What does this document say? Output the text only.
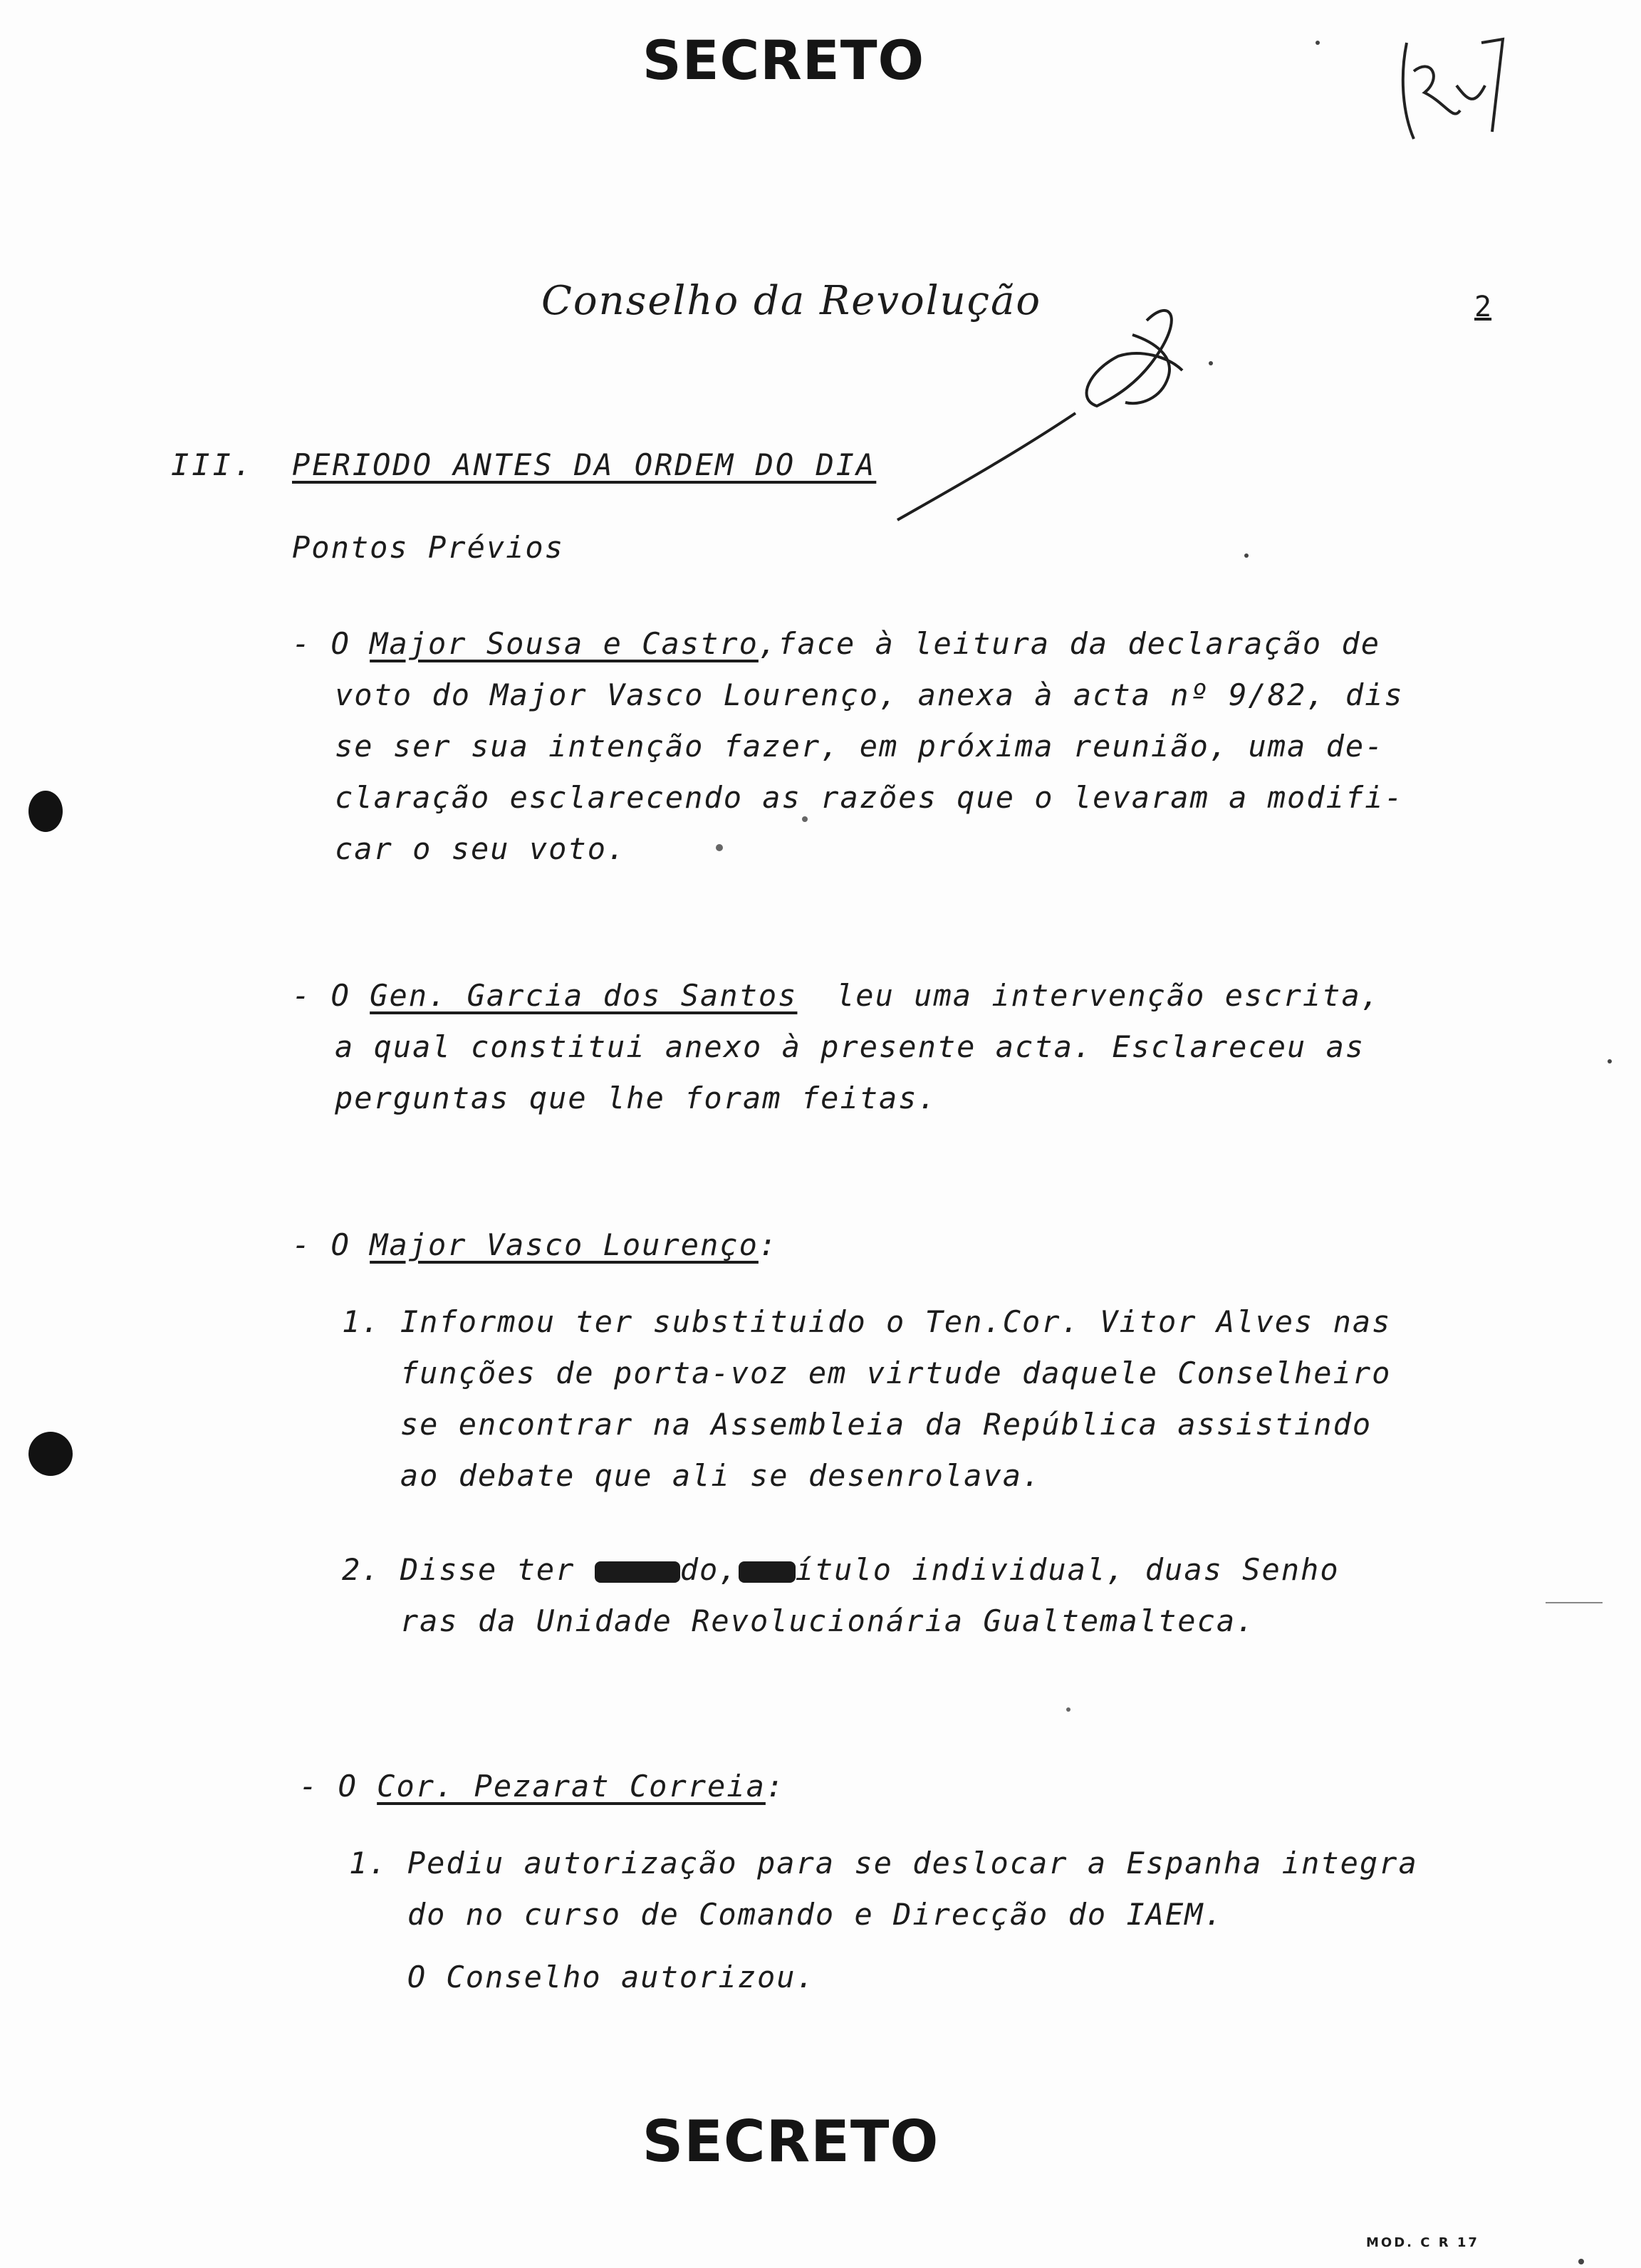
SECRETO
Conselho da Revolução	2
III. PERIODO ANTES DA ORDEM DO DIA
Pontos Prévios
- O Major Sousa e Castro,face à leitura da declaração de
voto do Major Vasco Lourenço, anexa à acta nº 9/82, dis
se ser sua intenção fazer, em próxima reunião, uma de-
claração esclarecendo as razões que o levaram a modifi-
car o seu voto.
- O Gen. Garcia dos Santos  leu uma intervenção escrita,
a qual constitui anexo à presente acta. Esclareceu as
perguntas que lhe foram feitas.
- O Major Vasco Lourenço:
1. Informou ter substituido o Ten.Cor. Vitor Alves nas
funções de porta-voz em virtude daquele Conselheiro
se encontrar na Assembleia da República assistindo
ao debate que ali se desenrolava.
2. Disse ter	do, ítulo individual, duas Senho
ras da Unidade Revolucionária Gualtemalteca.
- O Cor. Pezarat Correia:
1. Pediu autorização para se deslocar a Espanha integra
do no curso de Comando e Direcção do IAEM.
O Conselho autorizou.
SECRETO
MOD. C R 17
